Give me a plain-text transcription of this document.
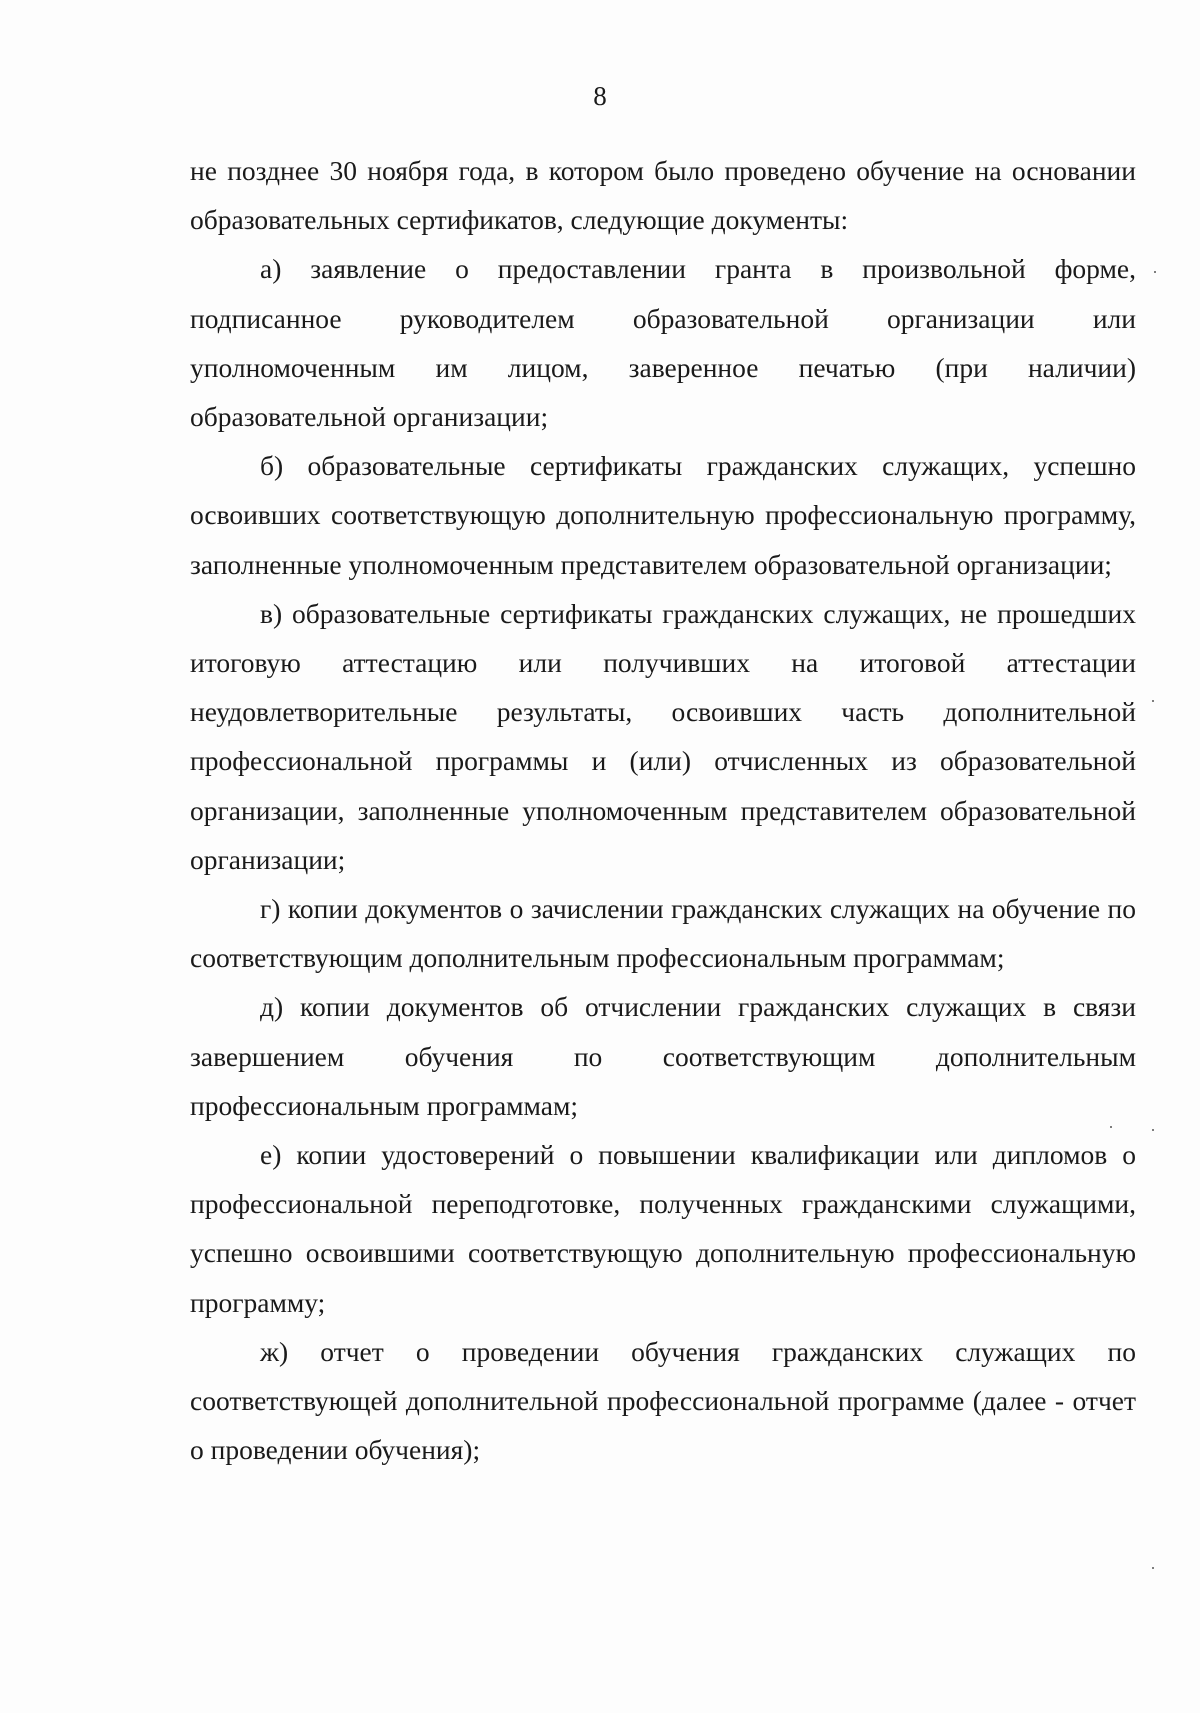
8

не позднее 30 ноября года, в котором было проведено обучение на основании образовательных сертификатов, следующие документы:

а) заявление о предоставлении гранта в произвольной форме, подписанное руководителем образовательной организации или уполномоченным им лицом, заверенное печатью (при наличии) образовательной организации;

б) образовательные сертификаты гражданских служащих, успешно освоивших соответствующую дополнительную профессиональную программу, заполненные уполномоченным представителем образовательной организации;

в) образовательные сертификаты гражданских служащих, не прошедших итоговую аттестацию или получивших на итоговой аттестации неудовлетворительные результаты, освоивших часть дополнительной профессиональной программы и (или) отчисленных из образовательной организации, заполненные уполномоченным представителем образовательной организации;

г) копии документов о зачислении гражданских служащих на обучение по соответствующим дополнительным профессиональным программам;

д) копии документов об отчислении гражданских служащих в связи завершением обучения по соответствующим дополнительным профессиональным программам;

е) копии удостоверений о повышении квалификации или дипломов о профессиональной переподготовке, полученных гражданскими служащими, успешно освоившими соответствующую дополнительную профессиональную программу;

ж) отчет о проведении обучения гражданских служащих по соответствующей дополнительной профессиональной программе (далее - отчет о проведении обучения);
